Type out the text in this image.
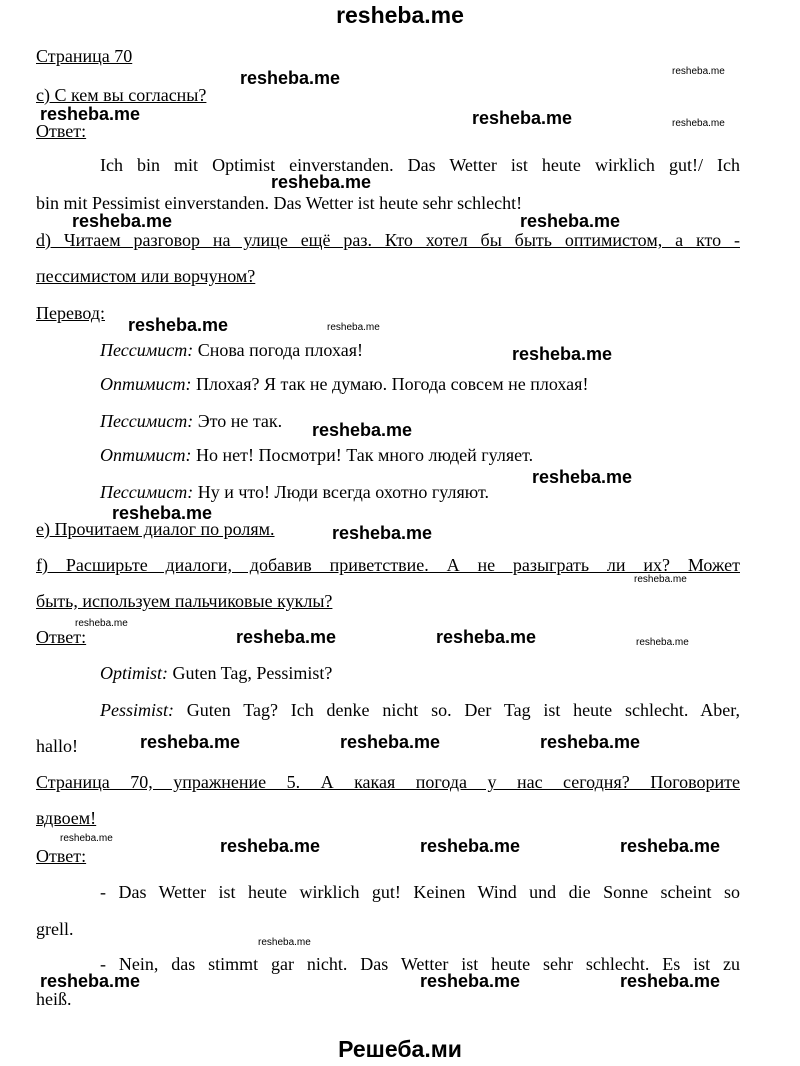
resheba.me
Решеба.ми
Страница 70
c) С кем вы согласны?
Ответ:
Ich bin mit Optimist einverstanden. Das Wetter ist heute wirklich gut!/ Ich
bin mit Pessimist einverstanden. Das Wetter ist heute sehr schlecht!
d) Читаем разговор на улице ещё раз. Кто хотел бы быть оптимистом, а кто -
пессимистом или ворчуном?
Перевод:
Пессимист: Снова погода плохая!
Оптимист: Плохая? Я так не думаю. Погода совсем не плохая!
Пессимист: Это не так.
Оптимист: Но нет! Посмотри! Так много людей гуляет.
Пессимист: Ну и что! Люди всегда охотно гуляют.
e) Прочитаем диалог по ролям.
f) Расширьте диалоги, добавив приветствие. А не разыграть ли их? Может
быть, используем пальчиковые куклы?
Ответ:
Optimist: Guten Tag, Pessimist?
Pessimist: Guten Tag? Ich denke nicht so. Der Tag ist heute schlecht. Aber,
hallo!
Страница 70, упражнение 5. А какая погода у нас сегодня? Поговорите
вдвоем!
Ответ:
- Das Wetter ist heute wirklich gut! Keinen Wind und die Sonne scheint so
grell.
- Nein, das stimmt gar nicht. Das Wetter ist heute sehr schlecht. Es ist zu
heiß.
resheba.me
resheba.me	resheba.me
resheba.me
resheba.me	resheba.me
resheba.me
resheba.me
resheba.me
resheba.me
resheba.me
resheba.me
resheba.me	resheba.me
resheba.me	resheba.me	resheba.me
resheba.me	resheba.me	resheba.me
resheba.me	resheba.me	resheba.me
resheba.me
resheba.me
resheba.me
resheba.me
resheba.me
resheba.me
resheba.me
resheba.me
